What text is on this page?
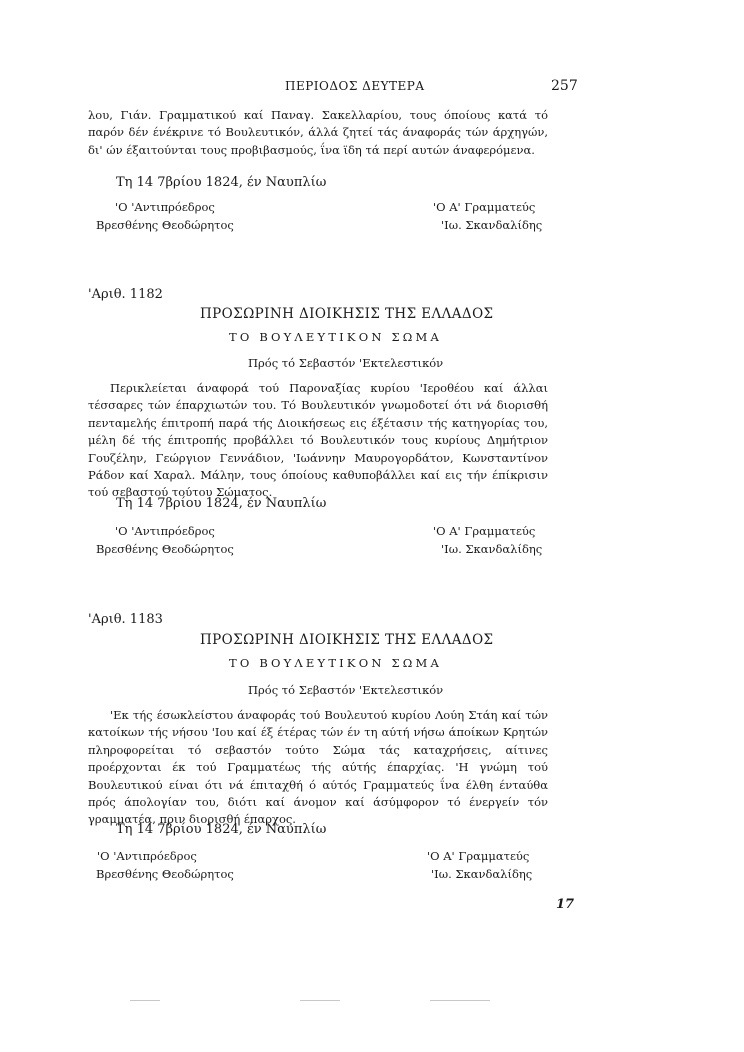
ΠΕΡΙΟΔΟΣ ΔΕΥΤΕΡΑ	257

λου, Γιάν. Γραμματικού καί Παναγ. Σακελλαρίου, τους όποίους κατά τό παρόν δέν ένέκρινε τό Βουλευτικόν, άλλά ζητεί τάς άναφοράς τών άρχηγών, δι' ών έξαιτούνται τους προβιβασμούς, ΐνα ϊδη τά περί αυτών άναφερόμενα.

Τη 14 7βρίου 1824, έν Ναυπλίω
'Ο 'Αντιπρόεδρος
Βρεσθένης Θεοδώρητος
'Ο Α' Γραμματεύς
'Ιω. Σκανδαλίδης
'Αριθ. 1182
ΠΡΟΣΩΡΙΝΗ ΔΙΟΙΚΗΣΙΣ ΤΗΣ ΕΛΛΑΔΟΣ
ΤΟ ΒΟΥΛΕΥΤΙΚΟΝ ΣΩΜΑ
Πρός τό Σεβαστόν 'Εκτελεστικόν

Περικλείεται άναφορά τού Παροναξίας κυρίου 'Ιεροθέου καί άλλαι τέσσαρες τών έπαρχιωτών του. Τό Βουλευτικόν γνωμοδοτεί ότι νά διορισθή πενταμελής έπιτροπή παρά τής Διοικήσεως εις έξέτασιν τής κατηγορίας του, μέλη δέ τής έπιτροπής προβάλλει τό Βουλευτικόν τους κυρίους Δημήτριον Γουζέλην, Γεώργιον Γεννάδιον, 'Ιωάννην Μαυρογορδάτον, Κωνσταντίνον Ράδον καί Χαραλ. Μάλην, τους όποίους καθυποβάλλει καί εις τήν έπίκρισιν τού σεβαστού τούτου Σώματος.

Τη 14 7βρίου 1824, έν Ναυπλίω
'Ο 'Αντιπρόεδρος
Βρεσθένης Θεοδώρητος
'Ο Α' Γραμματεύς
'Ιω. Σκανδαλίδης
'Αριθ. 1183
ΠΡΟΣΩΡΙΝΗ ΔΙΟΙΚΗΣΙΣ ΤΗΣ ΕΛΛΑΔΟΣ
ΤΟ ΒΟΥΛΕΥΤΙΚΟΝ ΣΩΜΑ
Πρός τό Σεβαστόν 'Εκτελεστικόν

'Εκ τής έσωκλείστου άναφοράς τού Βουλευτού κυρίου Λούη Στάη καί τών κατοίκων τής νήσου 'Ιου καί έξ έτέρας τών έν τη αύτή νήσω άποίκων Κρητών πληροφορείται τό σεβαστόν τούτο Σώμα τάς καταχρήσεις, αίτινες προέρχονται έκ τού Γραμματέως τής αύτής έπαρχίας. 'Η γνώμη τού Βουλευτικού είναι ότι νά έπιταχθή ό αύτός Γραμματεύς ΐνα έλθη ένταύθα πρός άπολογίαν του, διότι καί άνομον καί άσύμφορον τό ένεργείν τόν γραμματέα, πριν διορισθή έπαρχος.

Τη 14 7βρίου 1824, έν Ναυπλίω
'Ο 'Αντιπρόεδρος
Βρεσθένης Θεοδώρητος
'Ο Α' Γραμματεύς
'Ιω. Σκανδαλίδης
17
